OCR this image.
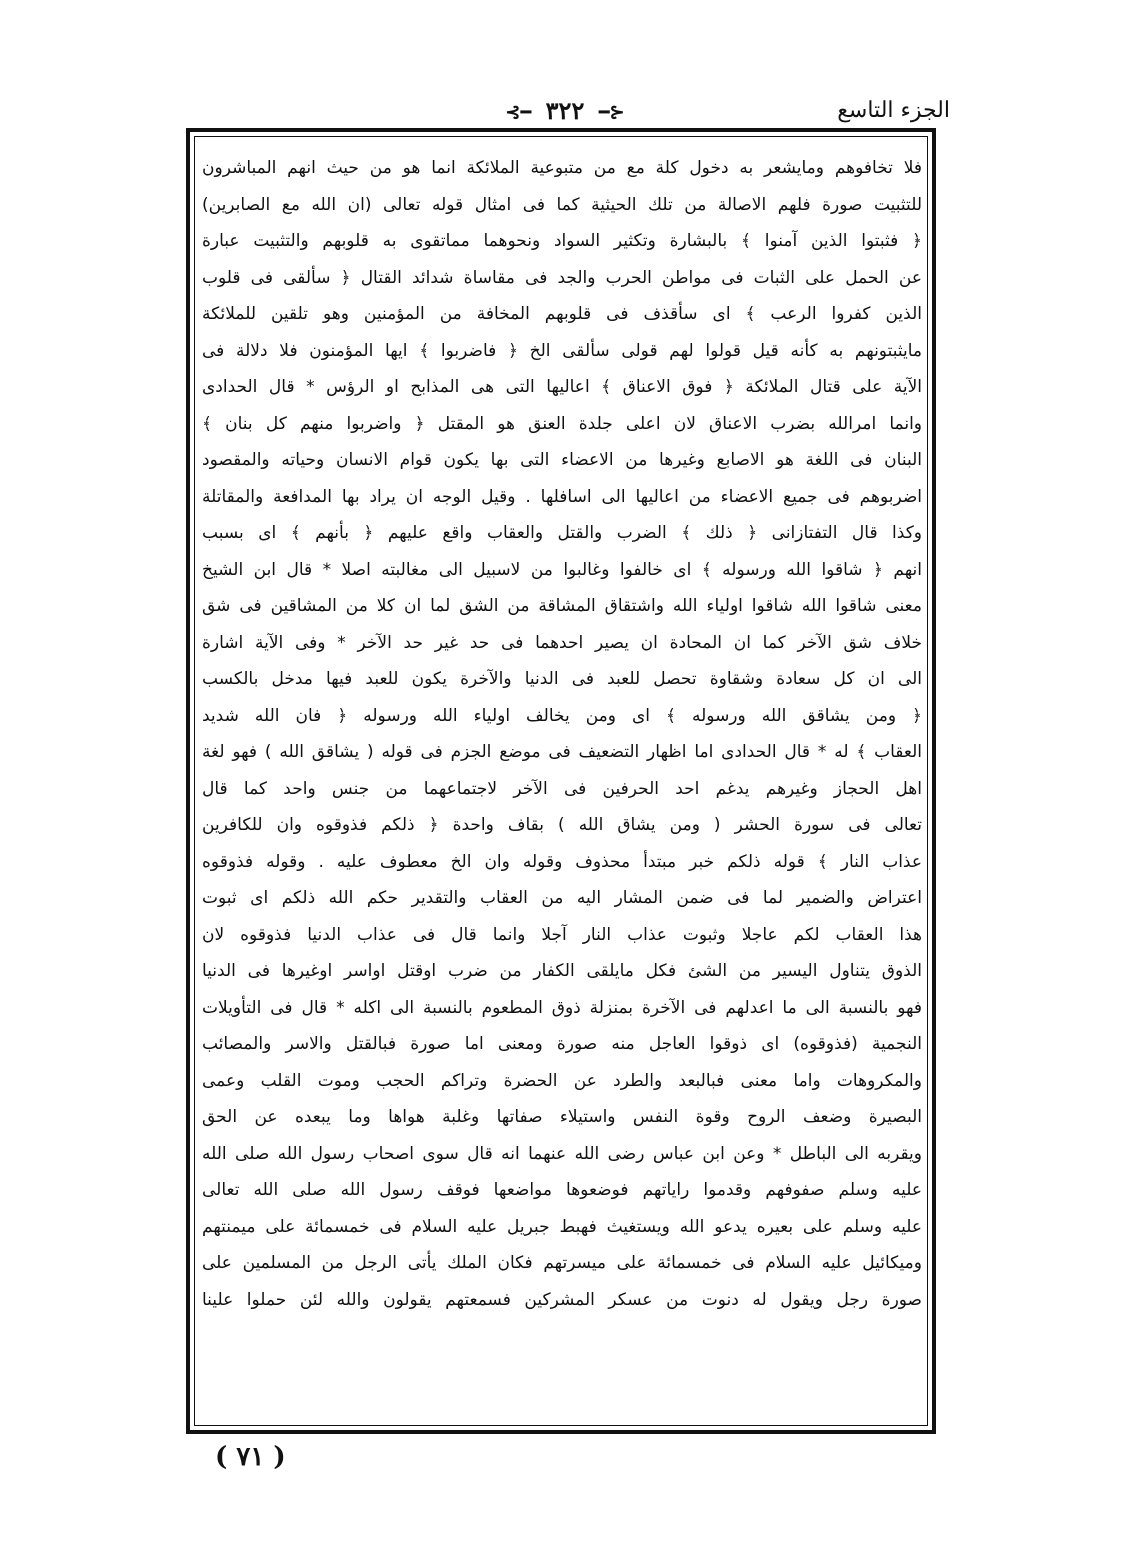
⊰━ ٣٢٢ ━⊱	الجزء التاسع
فلا تخافوهم ومايشعر به دخول كلة مع من متبوعية الملائكة انما هو من حيث انهم المباشرون
للتثبيت صورة فلهم الاصالة من تلك الحيثية كما فى امثال قوله تعالى (ان الله مع الصابرين)
﴿ فثبتوا الذين آمنوا ﴾ بالبشارة وتكثير السواد ونحوهما مماتقوى به قلوبهم والتثبيت عبارة
عن الحمل على الثبات فى مواطن الحرب والجد فى مقاساة شدائد القتال ﴿ سألقى فى قلوب
الذين كفروا الرعب ﴾ اى سأقذف فى قلوبهم المخافة من المؤمنين وهو تلقين للملائكة
مايثبتونهم به كأنه قيل قولوا لهم قولى سألقى الخ ﴿ فاضربوا ﴾ ايها المؤمنون فلا دلالة فى
الآية على قتال الملائكة ﴿ فوق الاعناق ﴾ اعاليها التى هى المذابح او الرؤس * قال الحدادى
وانما امرالله بضرب الاعناق لان اعلى جلدة العنق هو المقتل ﴿ واضربوا منهم كل بنان ﴾
البنان فى اللغة هو الاصابع وغيرها من الاعضاء التى بها يكون قوام الانسان وحياته والمقصود
اضربوهم فى جميع الاعضاء من اعاليها الى اسافلها . وقيل الوجه ان يراد بها المدافعة والمقاتلة
وكذا قال التفتازانى ﴿ ذلك ﴾ الضرب والقتل والعقاب واقع عليهم ﴿ بأنهم ﴾ اى بسبب
انهم ﴿ شاقوا الله ورسوله ﴾ اى خالفوا وغالبوا من لاسبيل الى مغالبته اصلا * قال ابن الشيخ
معنى شاقوا الله شاقوا اولياء الله واشتقاق المشاقة من الشق لما ان كلا من المشاقين فى شق
خلاف شق الآخر كما ان المحادة ان يصير احدهما فى حد غير حد الآخر * وفى الآية اشارة
الى ان كل سعادة وشقاوة تحصل للعبد فى الدنيا والآخرة يكون للعبد فيها مدخل بالكسب
﴿ ومن يشاقق الله ورسوله ﴾ اى ومن يخالف اولياء الله ورسوله ﴿ فان الله شديد
العقاب ﴾ له * قال الحدادى اما اظهار التضعيف فى موضع الجزم فى قوله ( يشاقق الله ) فهو لغة
اهل الحجاز وغيرهم يدغم احد الحرفين فى الآخر لاجتماعهما من جنس واحد كما قال
تعالى فى سورة الحشر ( ومن يشاق الله ) بقاف واحدة ﴿ ذلكم فذوقوه وان للكافرين
عذاب النار ﴾ قوله ذلكم خبر مبتدأ محذوف وقوله وان الخ معطوف عليه . وقوله فذوقوه
اعتراض والضمير لما فى ضمن المشار اليه من العقاب والتقدير حكم الله ذلكم اى ثبوت
هذا العقاب لكم عاجلا وثبوت عذاب النار آجلا وانما قال فى عذاب الدنيا فذوقوه لان
الذوق يتناول اليسير من الشئ فكل مايلقى الكفار من ضرب اوقتل اواسر اوغيرها فى الدنيا
فهو بالنسبة الى ما اعدلهم فى الآخرة بمنزلة ذوق المطعوم بالنسبة الى اكله * قال فى التأويلات
النجمية (فذوقوه) اى ذوقوا العاجل منه صورة ومعنى اما صورة فبالقتل والاسر والمصائب
والمكروهات واما معنى فبالبعد والطرد عن الحضرة وتراكم الحجب وموت القلب وعمى
البصيرة وضعف الروح وقوة النفس واستيلاء صفاتها وغلبة هواها وما يبعده عن الحق
ويقربه الى الباطل * وعن ابن عباس رضى الله عنهما انه قال سوى اصحاب رسول الله صلى الله
عليه وسلم صفوفهم وقدموا راياتهم فوضعوها مواضعها فوقف رسول الله صلى الله تعالى
عليه وسلم على بعيره يدعو الله ويستغيث فهبط جبريل عليه السلام فى خمسمائة على ميمنتهم
وميكائيل عليه السلام فى خمسمائة على ميسرتهم فكان الملك يأتى الرجل من المسلمين على
صورة رجل ويقول له دنوت من عسكر المشركين فسمعتهم يقولون والله لئن حملوا علينا
( ٧١ )
